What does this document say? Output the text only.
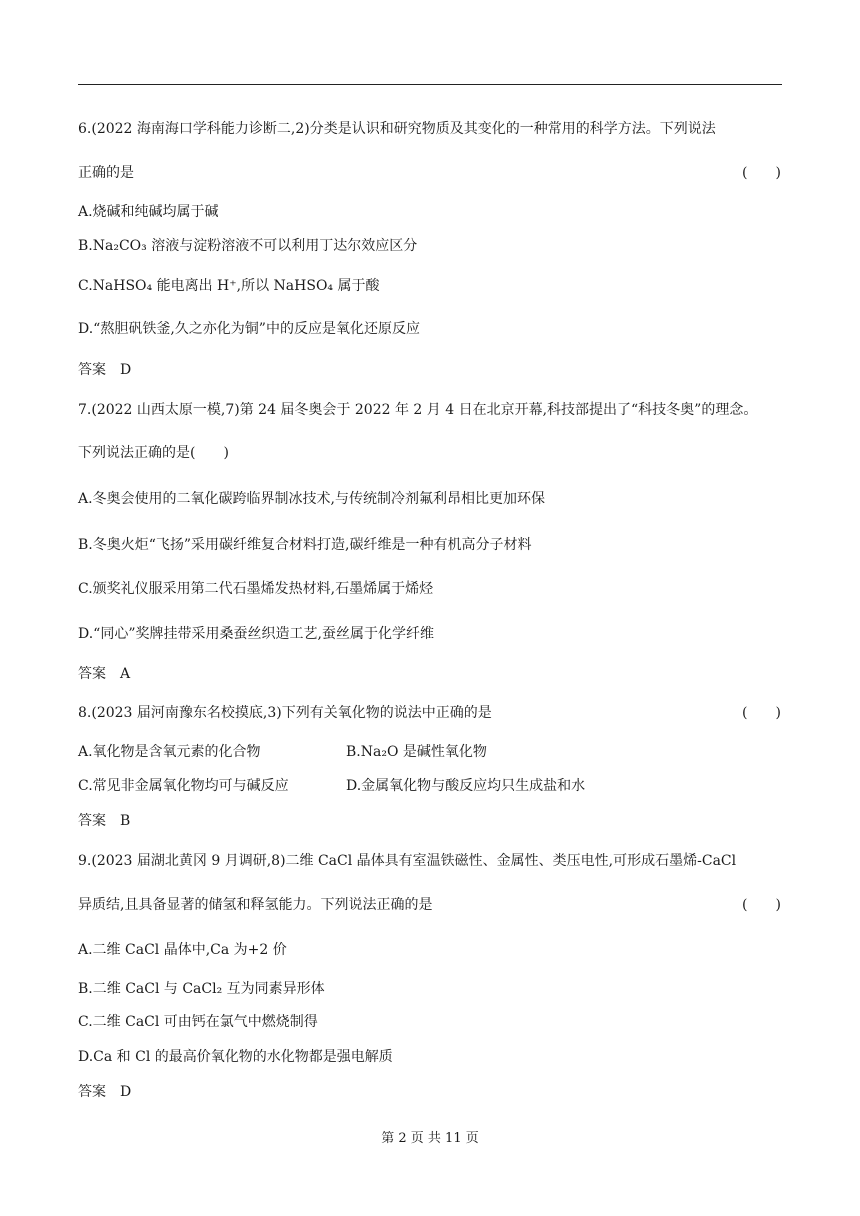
6.(2022 海南海口学科能力诊断二,2)分类是认识和研究物质及其变化的一种常用的科学方法。下列说法
正确的是	(　　)
A.烧碱和纯碱均属于碱
B.Na₂CO₃ 溶液与淀粉溶液不可以利用丁达尔效应区分
C.NaHSO₄ 能电离出 H⁺,所以 NaHSO₄ 属于酸
D.“熬胆矾铁釜,久之亦化为铜”中的反应是氧化还原反应
答案 D
7.(2022 山西太原一模,7)第 24 届冬奥会于 2022 年 2 月 4 日在北京开幕,科技部提出了“科技冬奥”的理念。
下列说法正确的是(　　)
A.冬奥会使用的二氧化碳跨临界制冰技术,与传统制冷剂氟利昂相比更加环保
B.冬奥火炬“飞扬”采用碳纤维复合材料打造,碳纤维是一种有机高分子材料
C.颁奖礼仪服采用第二代石墨烯发热材料,石墨烯属于烯烃
D.“同心”奖牌挂带采用桑蚕丝织造工艺,蚕丝属于化学纤维
答案 A
8.(2023 届河南豫东名校摸底,3)下列有关氧化物的说法中正确的是	(　　)
A.氧化物是含氧元素的化合物	B.Na₂O 是碱性氧化物
C.常见非金属氧化物均可与碱反应	D.金属氧化物与酸反应均只生成盐和水
答案 B
9.(2023 届湖北黄冈 9 月调研,8)二维 CaCl 晶体具有室温铁磁性、金属性、类压电性,可形成石墨烯-CaCl
异质结,且具备显著的储氢和释氢能力。下列说法正确的是	(　　)
A.二维 CaCl 晶体中,Ca 为+2 价
B.二维 CaCl 与 CaCl₂ 互为同素异形体
C.二维 CaCl 可由钙在氯气中燃烧制得
D.Ca 和 Cl 的最高价氧化物的水化物都是强电解质
答案 D
第 2 页 共 11 页
